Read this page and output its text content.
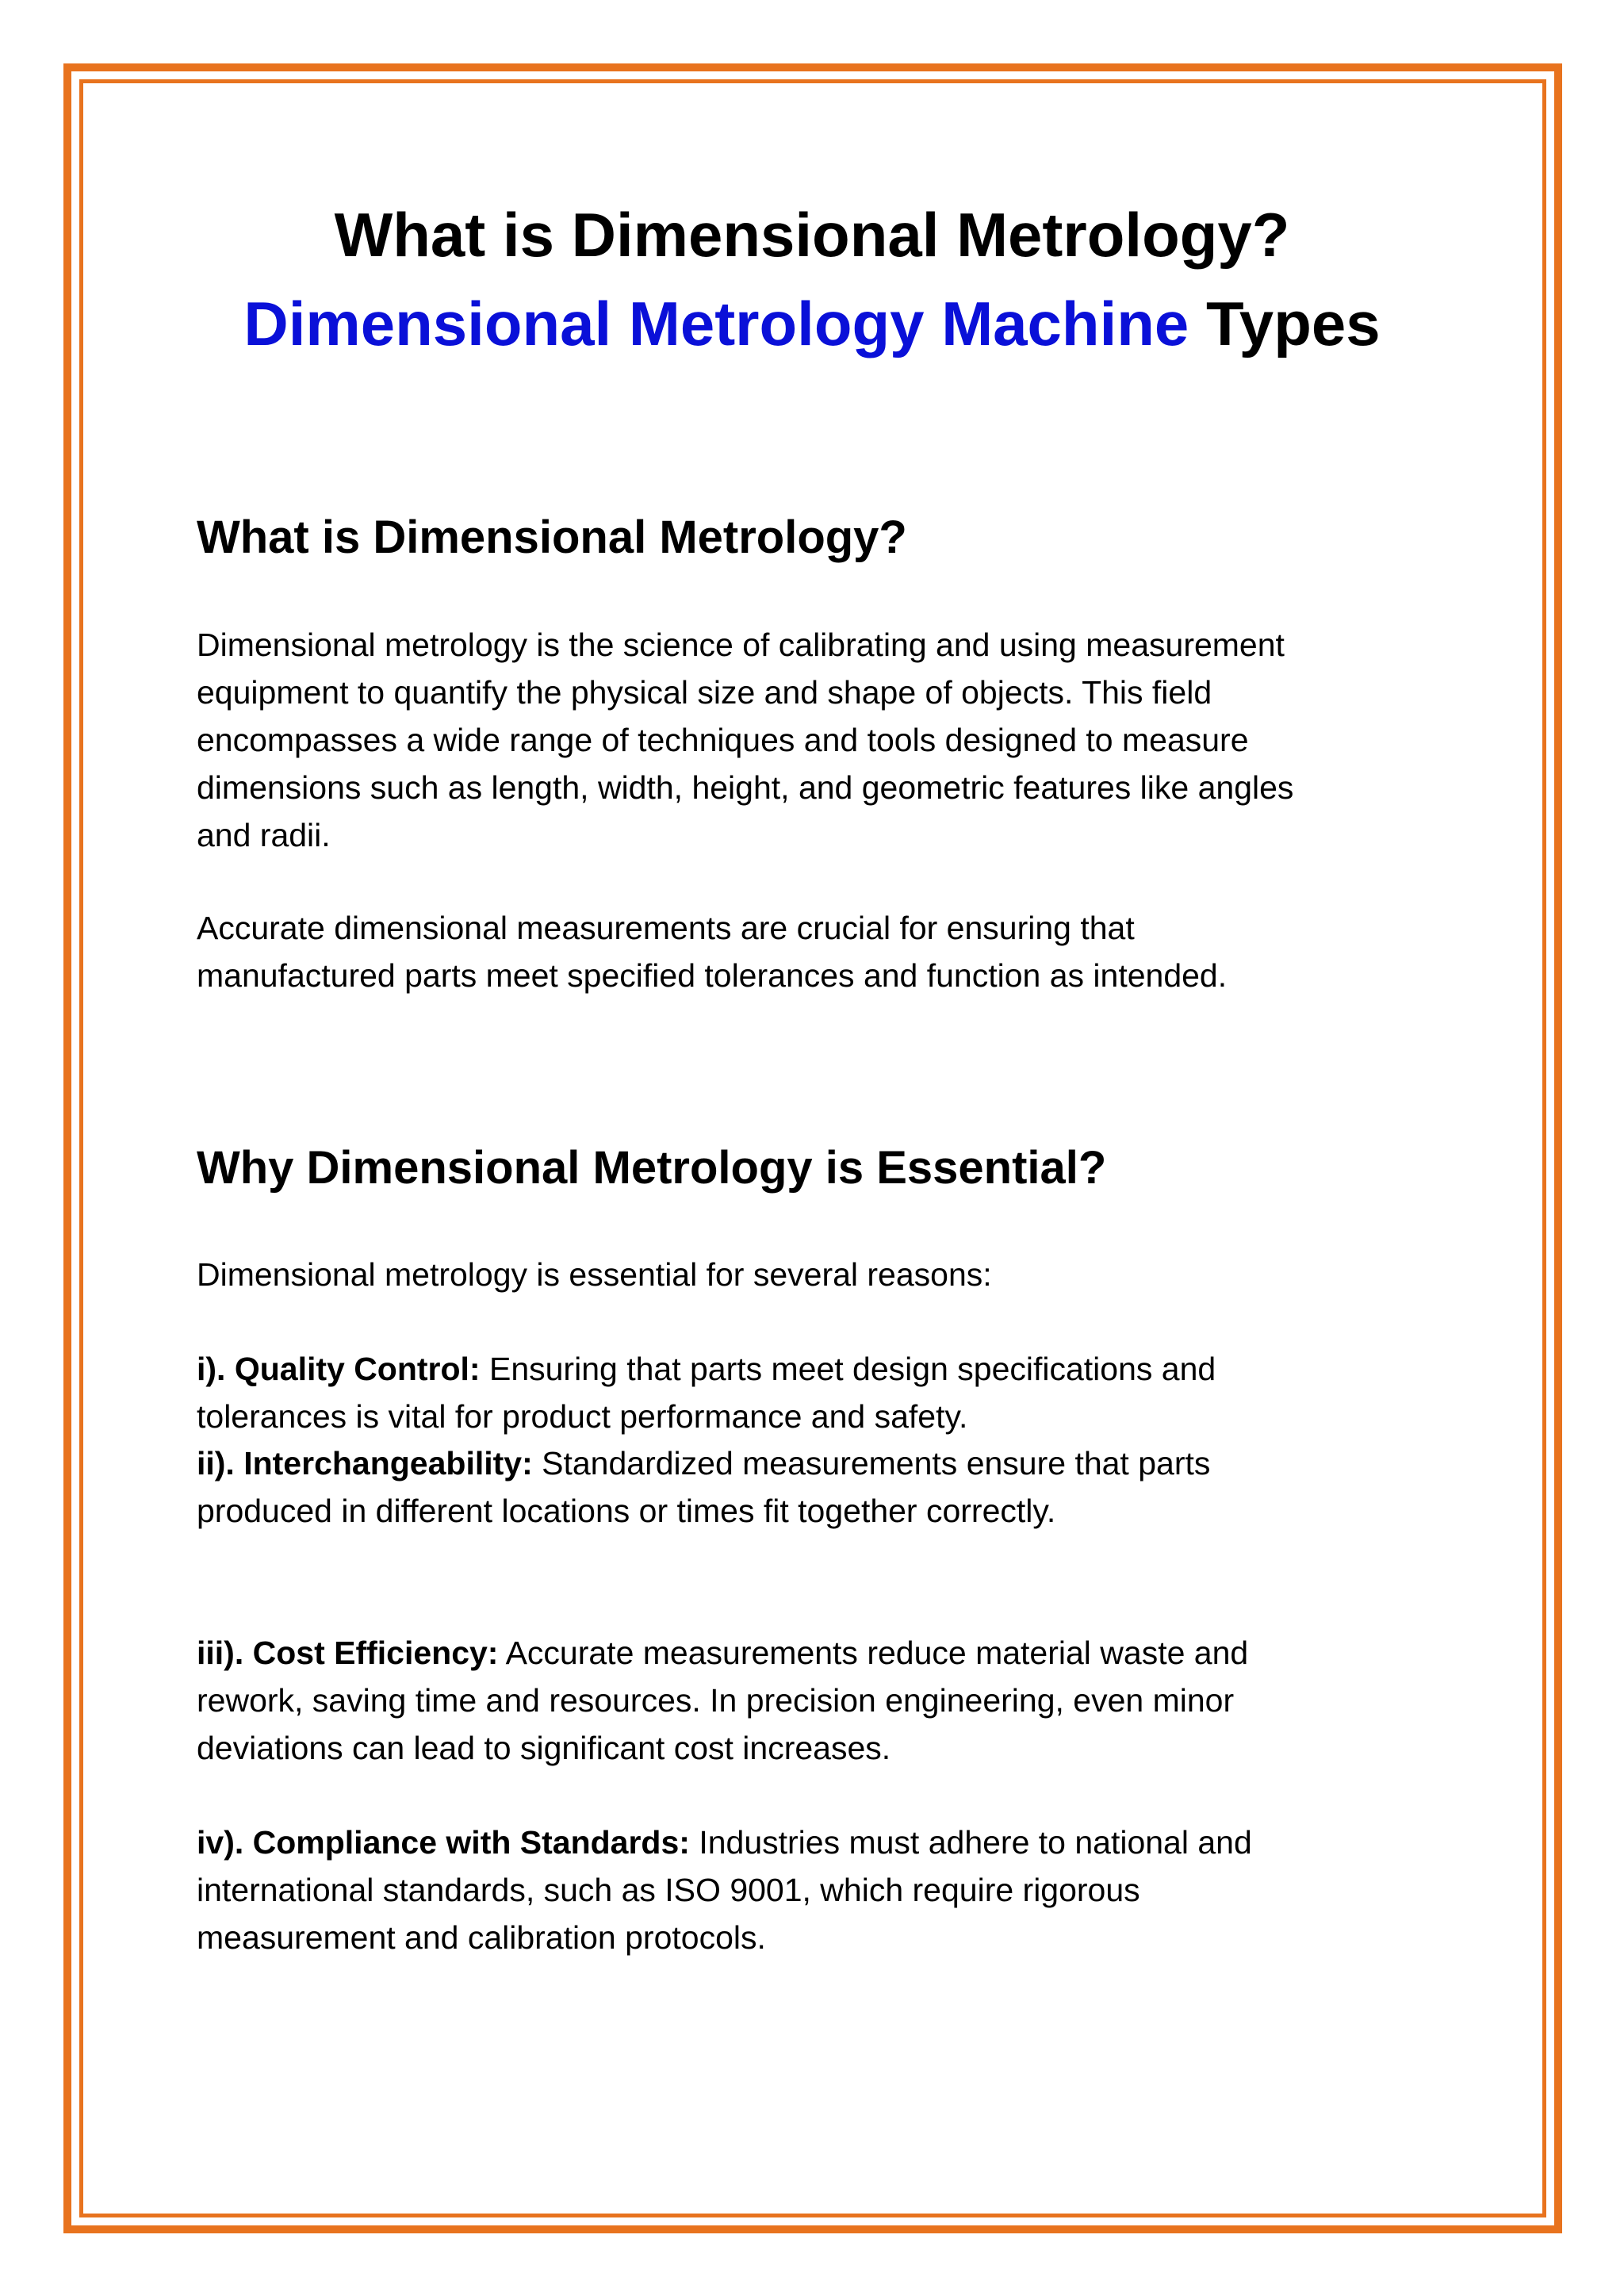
What is Dimensional Metrology?
Dimensional Metrology Machine Types
What is Dimensional Metrology?

Dimensional metrology is the science of calibrating and using measurement
equipment to quantify the physical size and shape of objects. This field
encompasses a wide range of techniques and tools designed to measure
dimensions such as length, width, height, and geometric features like angles
and radii.

Accurate dimensional measurements are crucial for ensuring that
manufactured parts meet specified tolerances and function as intended.

Why Dimensional Metrology is Essential?

Dimensional metrology is essential for several reasons:

i). Quality Control: Ensuring that parts meet design specifications and
tolerances is vital for product performance and safety.

ii). Interchangeability: Standardized measurements ensure that parts
produced in different locations or times fit together correctly.

iii). Cost Efficiency: Accurate measurements reduce material waste and
rework, saving time and resources. In precision engineering, even minor
deviations can lead to significant cost increases.

iv). Compliance with Standards: Industries must adhere to national and
international standards, such as ISO 9001, which require rigorous
measurement and calibration protocols.
